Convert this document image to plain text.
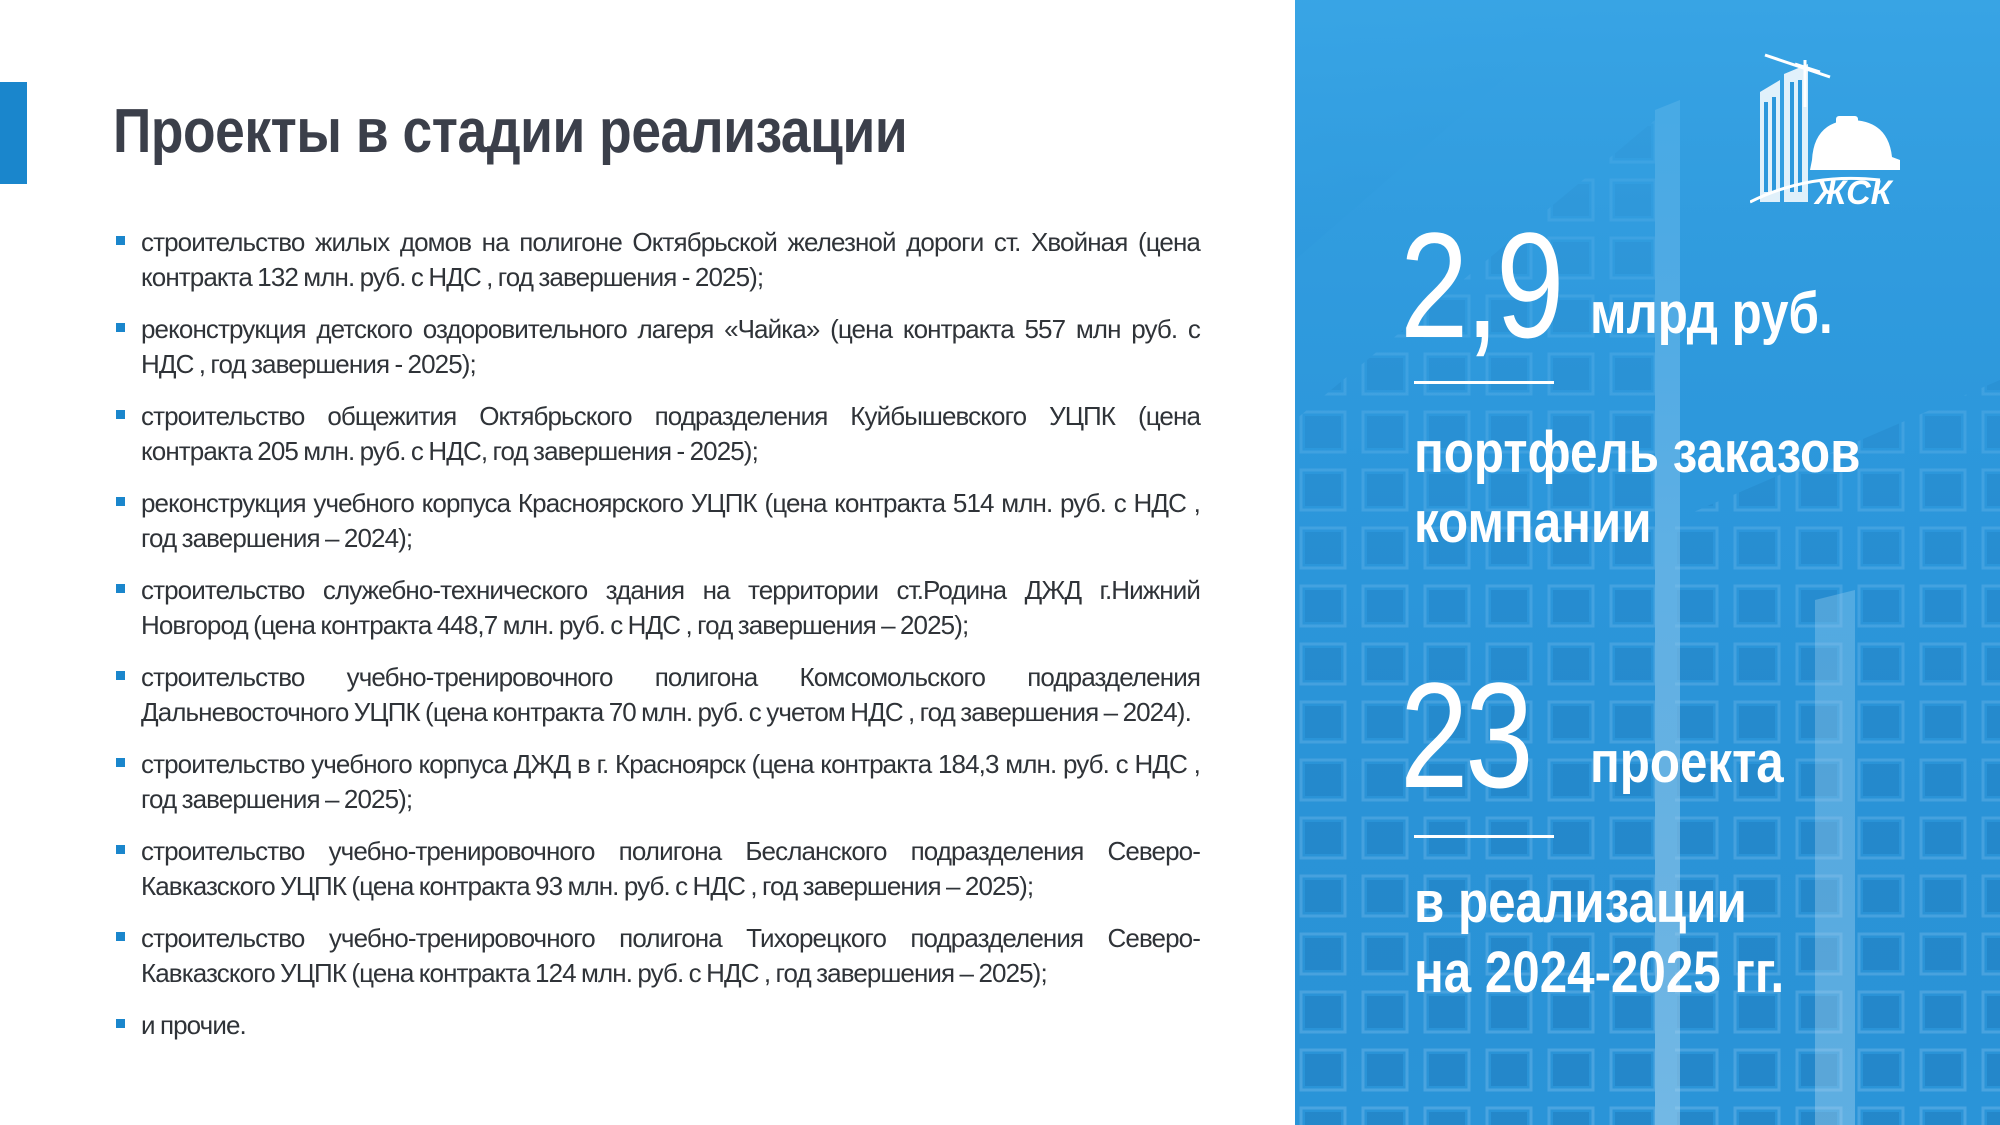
Проекты в стадии реализации
строительство жилых домов на полигоне Октябрьской железной дороги ст. Хвойная (цена контракта 132 млн. руб. с НДС , год завершения - 2025);
реконструкция детского оздоровительного лагеря «Чайка» (цена контракта 557 млн руб. с НДС , год завершения - 2025);
строительство общежития Октябрьского подразделения Куйбышевского УЦПК (цена контракта 205 млн. руб. с НДС, год завершения - 2025);
реконструкция учебного корпуса Красноярского УЦПК (цена контракта 514 млн. руб. с НДС , год завершения – 2024);
строительство служебно-технического здания на территории ст.Родина ДЖД г.Нижний Новгород (цена контракта 448,7 млн. руб. с НДС , год завершения – 2025);
строительство учебно-тренировочного полигона Комсомольского подразделения Дальневосточного УЦПК (цена контракта 70 млн. руб. с учетом НДС , год завершения – 2024).
строительство учебного корпуса ДЖД в г. Красноярск (цена контракта 184,3 млн. руб. с НДС , год завершения – 2025);
строительство учебно-тренировочного полигона Бесланского подразделения Северо-Кавказского УЦПК (цена контракта 93 млн. руб. с НДС , год завершения – 2025);
строительство учебно-тренировочного полигона Тихорецкого подразделения Северо-Кавказского УЦПК (цена контракта 124 млн. руб. с НДС , год завершения – 2025);
и прочие.
ЖСК
2,9 млрд руб.
портфель заказов
компании
23 проекта
в реализации
на 2024-2025 гг.
